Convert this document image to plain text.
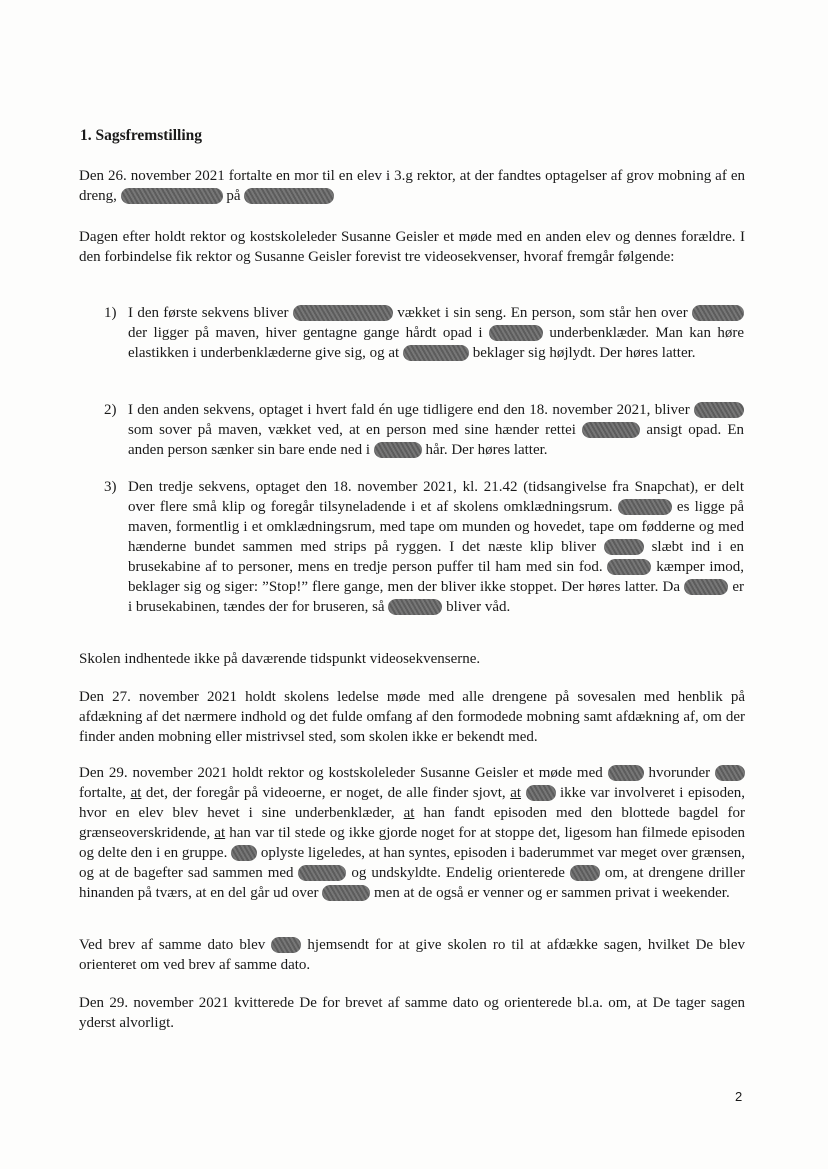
1. Sagsfremstilling

Den 26. november 2021 fortalte en mor til en elev i 3.g rektor, at der fandtes optagelser af grov mobning af en dreng,	på

Dagen efter holdt rektor og kostskoleleder Susanne Geisler et møde med en anden elev og dennes forældre. I den forbindelse fik rektor og Susanne Geisler forevist tre videosekvenser, hvoraf fremgår følgende:

1) I den første sekvens bliver	vækket i sin seng. En person, som står hen over  der ligger på maven, hiver gentagne gange hårdt opad i	underbenklæder. Man kan høre elastikken i underbenklæderne give sig, og at	beklager sig højlydt. Der høres latter.

2) I den anden sekvens, optaget i hvert fald én uge tidligere end den 18. november 2021, bliver  som sover på maven, vækket ved, at en person med sine hænder rettei	ansigt opad. En anden person sænker sin bare ende ned i	hår. Der høres latter.

3) Den tredje sekvens, optaget den 18. november 2021, kl. 21.42 (tidsangivelse fra Snapchat), er delt over flere små klip og foregår tilsyneladende i et af skolens omklædningsrum.	es ligge på maven, formentlig i et omklædningsrum, med tape om munden og hovedet, tape om fødderne og med hænderne bundet sammen med strips på ryggen. I det næste klip bliver	slæbt ind i en brusekabine af to personer, mens en tredje person puffer til ham med sin fod.	kæmper imod, beklager sig og siger: ”Stop!” flere gange, men der bliver ikke stoppet. Der høres latter. Da	er i brusekabinen, tændes der for bruseren, så	bliver våd.

Skolen indhentede ikke på daværende tidspunkt videosekvenserne.

Den 27. november 2021 holdt skolens ledelse møde med alle drengene på sovesalen med henblik på afdækning af det nærmere indhold og det fulde omfang af den formodede mobning samt afdækning af, om der finder anden mobning eller mistrivsel sted, som skolen ikke er bekendt med.

Den 29. november 2021 holdt rektor og kostskoleleder Susanne Geisler et møde med	hvorunder  fortalte, at det, der foregår på videoerne, er noget, de alle finder sjovt, at	ikke var involveret i episoden, hvor en elev blev hevet i sine underbenklæder, at han fandt episoden med den blottede bagdel for grænseoverskridende, at han var til stede og ikke gjorde noget for at stoppe det, ligesom han filmede episoden og delte den i en gruppe. oplyste ligeledes, at han syntes, episoden i baderummet var meget over grænsen, og at de bagefter sad sammen med	og undskyldte. Endelig orienterede	om, at drengene driller hinanden på tværs, at en del går ud over	men at de også er venner og er sammen privat i weekender.

Ved brev af samme dato blev	hjemsendt for at give skolen ro til at afdække sagen, hvilket De blev orienteret om ved brev af samme dato.

Den 29. november 2021 kvitterede De for brevet af samme dato og orienterede bl.a. om, at De tager sagen yderst alvorligt.

2
